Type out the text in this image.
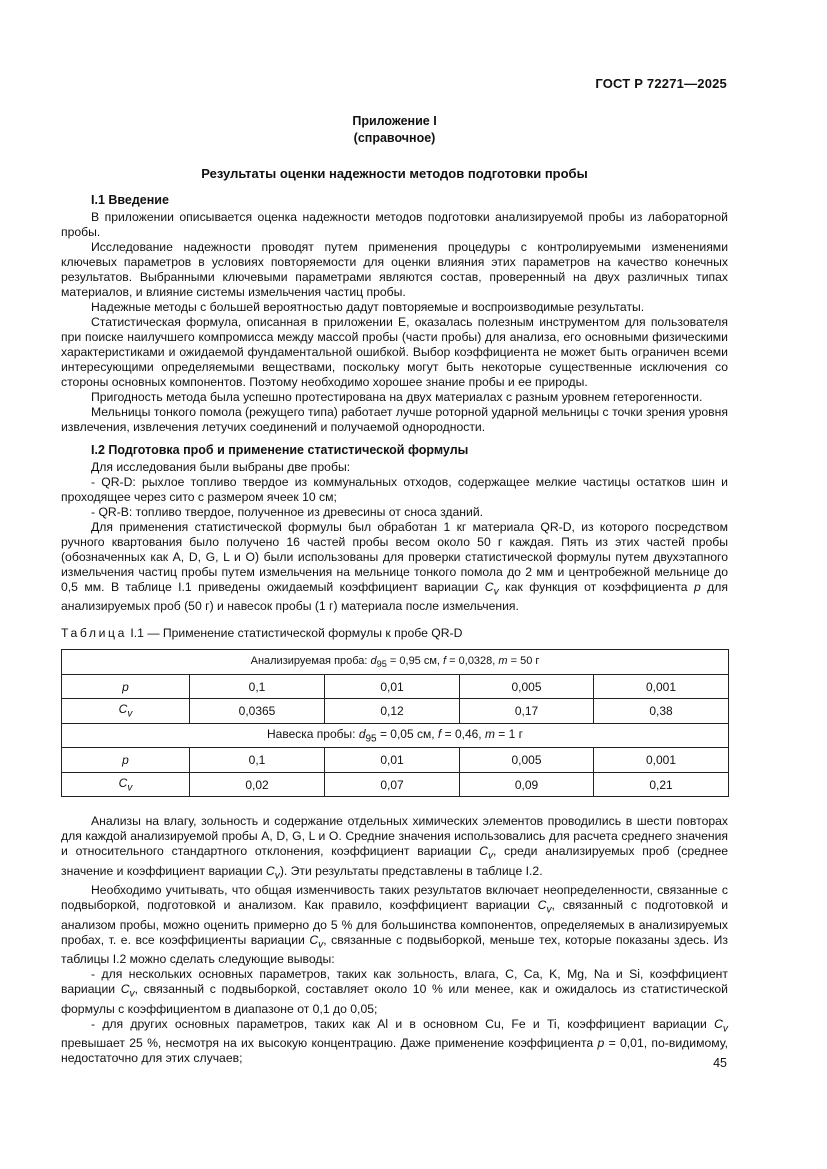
ГОСТ Р 72271—2025
Приложение I
(справочное)
Результаты оценки надежности методов подготовки пробы
I.1 Введение

В приложении описывается оценка надежности методов подготовки анализируемой пробы из лабораторной пробы.

Исследование надежности проводят путем применения процедуры с контролируемыми изменениями ключевых параметров в условиях повторяемости для оценки влияния этих параметров на качество конечных результатов. Выбранными ключевыми параметрами являются состав, проверенный на двух различных типах материалов, и влияние системы измельчения частиц пробы.

Надежные методы с большей вероятностью дадут повторяемые и воспроизводимые результаты.

Статистическая формула, описанная в приложении Е, оказалась полезным инструментом для пользователя при поиске наилучшего компромисса между массой пробы (части пробы) для анализа, его основными физическими характеристиками и ожидаемой фундаментальной ошибкой. Выбор коэффициента не может быть ограничен всеми интересующими определяемыми веществами, поскольку могут быть некоторые существенные исключения со стороны основных компонентов. Поэтому необходимо хорошее знание пробы и ее природы.

Пригодность метода была успешно протестирована на двух материалах с разным уровнем гетерогенности.

Мельницы тонкого помола (режущего типа) работает лучше роторной ударной мельницы с точки зрения уровня извлечения, извлечения летучих соединений и получаемой однородности.

I.2 Подготовка проб и применение статистической формулы

Для исследования были выбраны две пробы:

- QR-D: рыхлое топливо твердое из коммунальных отходов, содержащее мелкие частицы остатков шин и проходящее через сито с размером ячеек 10 см;

- QR-B: топливо твердое, полученное из древесины от сноса зданий.

Для применения статистической формулы был обработан 1 кг материала QR-D, из которого посредством ручного квартования было получено 16 частей пробы весом около 50 г каждая. Пять из этих частей пробы (обозначенных как A, D, G, L и O) были использованы для проверки статистической формулы путем двухэтапного измельчения частиц пробы путем измельчения на мельнице тонкого помола до 2 мм и центробежной мельнице до 0,5 мм. В таблице I.1 приведены ожидаемый коэффициент вариации $C_v$ как функция от коэффициента p для анализируемых проб (50 г) и навесок пробы (1 г) материала после измельчения.

Таблица I.1 — Применение статистической формулы к пробе QR-D
Анализируемая проба: $d_{95} = 0,95$ см, f = 0,0328, m = 50 г				
p	0,1	0,01	0,005	0,001
$C_v$	0,0365	0,12	0,17	0,38
Навеска пробы: $d_{95} = 0,05$ см, f = 0,46, m = 1 г				
p	0,1	0,01	0,005	0,001
$C_v$	0,02	0,07	0,09	0,21

Анализы на влагу, зольность и содержание отдельных химических элементов проводились в шести повторах для каждой анализируемой пробы A, D, G, L и O. Средние значения использовались для расчета среднего значения и относительного стандартного отклонения, коэффициент вариации $C_v$, среди анализируемых проб (среднее значение и коэффициент вариации $C_v$). Эти результаты представлены в таблице I.2.

Необходимо учитывать, что общая изменчивость таких результатов включает неопределенности, связанные с подвыборкой, подготовкой и анализом. Как правило, коэффициент вариации $C_v$, связанный с подготовкой и анализом пробы, можно оценить примерно до 5 % для большинства компонентов, определяемых в анализируемых пробах, т. е. все коэффициенты вариации $C_v$, связанные с подвыборкой, меньше тех, которые показаны здесь. Из таблицы I.2 можно сделать следующие выводы:

- для нескольких основных параметров, таких как зольность, влага, C, Ca, K, Mg, Na и Si, коэффициент вариации $C_v$, связанный с подвыборкой, составляет около 10 % или менее, как и ожидалось из статистической формулы с коэффициентом в диапазоне от 0,1 до 0,05;

- для других основных параметров, таких как Al и в основном Cu, Fe и Ti, коэффициент вариации $C_v$ превышает 25 %, несмотря на их высокую концентрацию. Даже применение коэффициента p = 0,01, по-видимому, недостаточно для этих случаев;	45
